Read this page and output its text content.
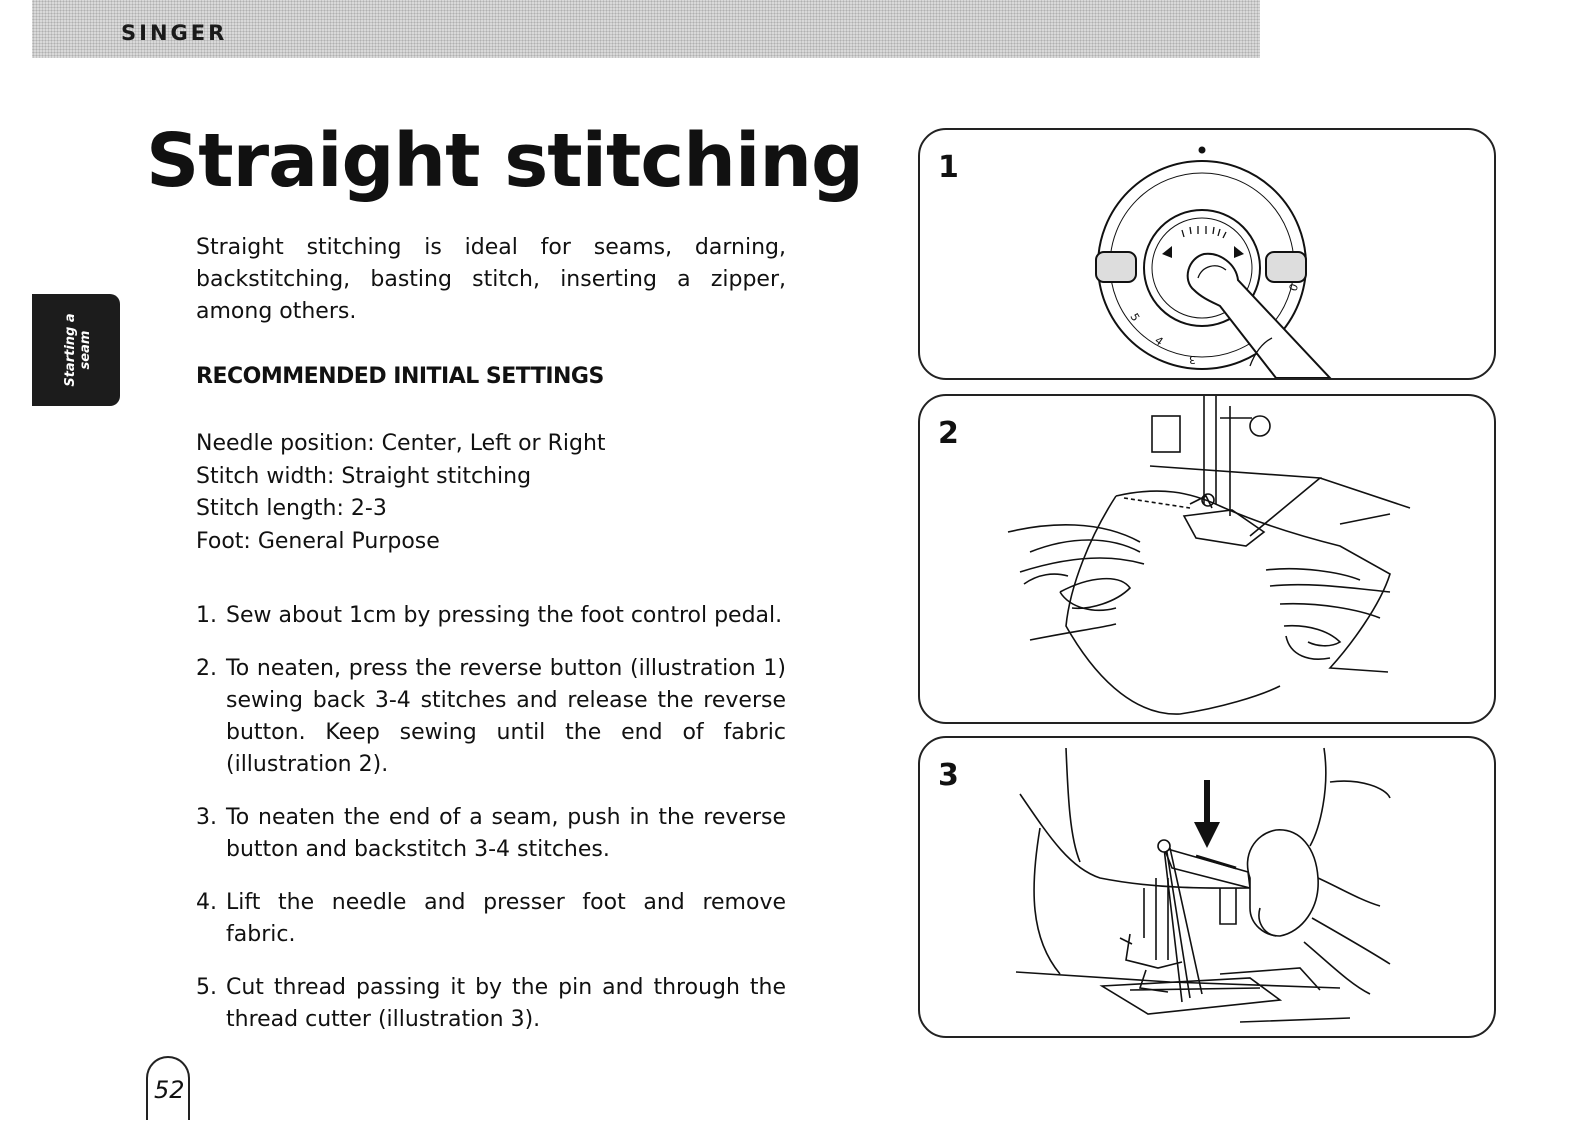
SINGER
Starting a seam
Straight stitching

Straight stitching is ideal for seams, darning, backstitching, basting stitch, inserting a zipper, among others.

RECOMMENDED INITIAL SETTINGS
Needle position: Center, Left or Right
Stitch width: Straight stitching
Stitch length: 2-3
Foot: General Purpose
1. Sew about 1cm by pressing the foot control pedal.
2. To neaten, press the reverse button (illustration 1) sewing back 3-4 stitches and release the reverse button. Keep sewing until the end of fabric (illustration 2).
3. To neaten the end of a seam, push in the reverse button and backstitch 3-4 stitches.
4. Lift the needle and presser foot and remove fabric.
5. Cut thread passing it by the pin and through the thread cutter (illustration 3).
52
5
4
3
0
1
2
3
